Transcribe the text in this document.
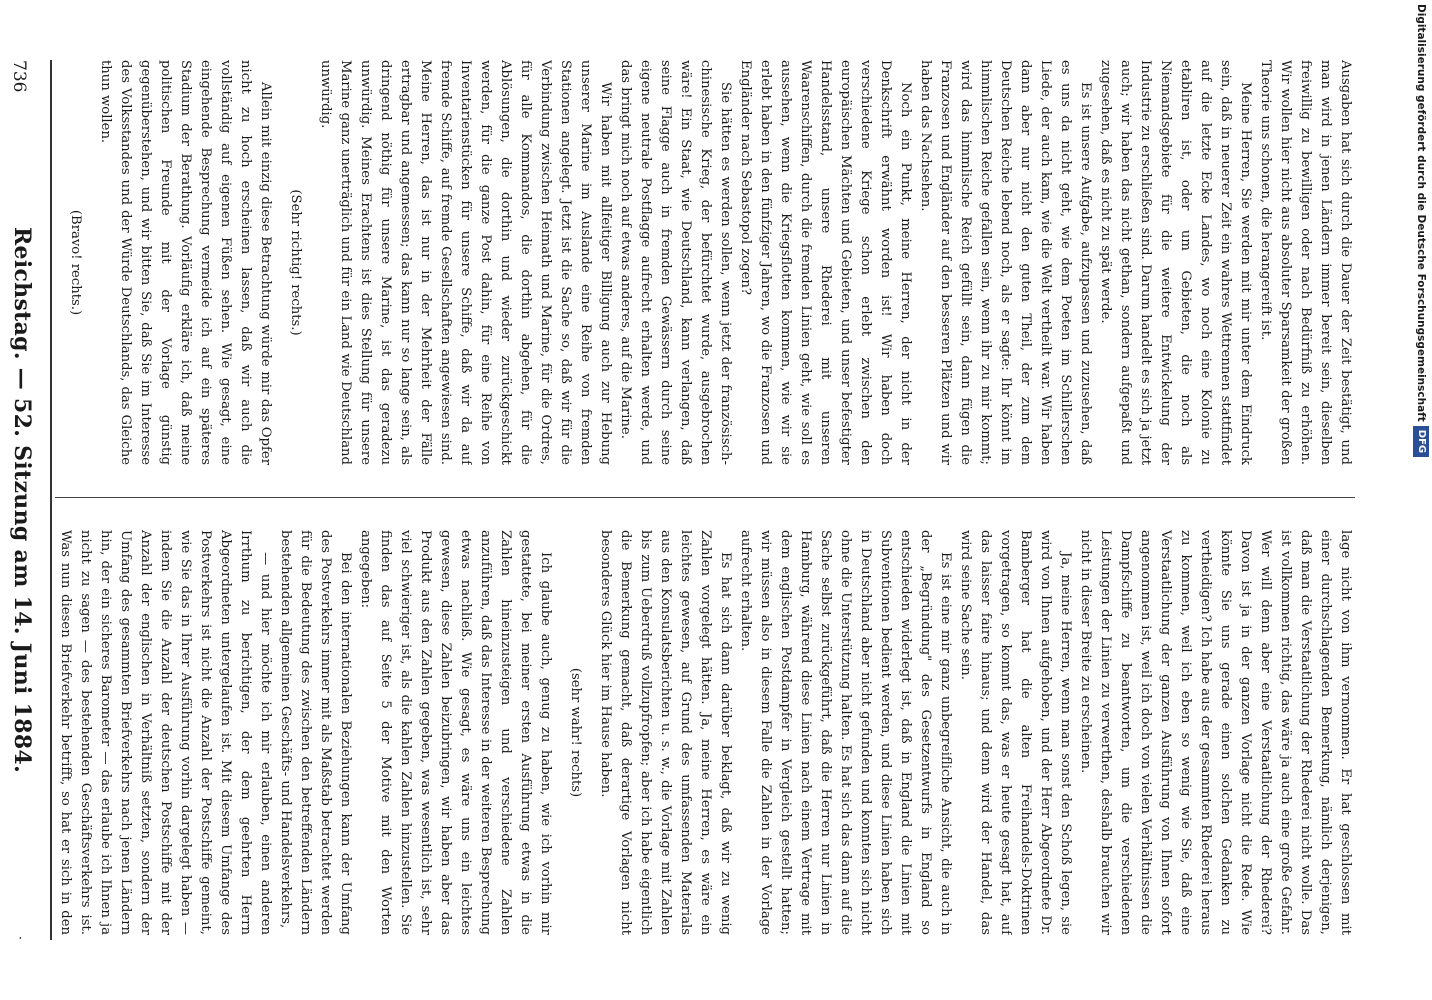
Ausgaben hat sich durch die Dauer der Zeit bestätigt, und man wird in jenen Ländern immer bereit sein, dieselben freiwillig zu bewilligen oder nach Bedürfniß zu erhöhen. Wir wollen hier nicht aus absoluter Sparsamkeit der großen Theorie uns schonen, die herangereift ist.

Meine Herren, Sie werden mit mir unter dem Eindruck sein, daß in neuerer Zeit ein wahres Wettrennen stattfindet auf die letzte Ecke Landes, wo noch eine Kolonie zu etabliren ist, oder um Gebieten, die noch als Niemandsgebiete für die weitere Entwickelung der Industrie zu erschließen sind. Darum handelt es sich ja jetzt auch; wir haben das nicht gethan, sondern aufgepaßt und zugesehen, daß es nicht zu spät werde.

Es ist unsere Aufgabe, aufzupassen und zuzusehen, daß es uns da nicht geht, wie dem Poeten im Schillerschen Liede, der auch kam, wie die Welt vertheilt war. Wir haben dann aber nur nicht den guten Theil, der zum dem Deutschen Reiche lebend noch, als er sagte: Ihr könnt im himmlischen Reiche gefallen sein, wenn ihr zu mir kommt; wird das himmlische Reich gefüllt sein, dann fügen die Franzosen und Engländer auf den besseren Plätzen und wir haben das Nachsehen.

Noch ein Punkt, meine Herren, der nicht in der Denkschrift erwähnt worden ist! Wir haben doch verschiedene Kriege schon erlebt zwischen den europäischen Mächten und Gebieten, und unser befestigter Handelsstand, unsere Rhederei mit unseren Waarenschiffen, durch die fremden Linien geht, wie soll es aussehen, wenn die Kriegsflotten kommen, wie wir sie erlebt haben in den fünfziger Jahren, wo die Franzosen und Engländer nach Sebastopol zogen?

Sie hätten es werden sollen, wenn jetzt der französisch-chinesische Krieg, der befürchtet wurde, ausgebrochen wäre! Ein Staat, wie Deutschland, kann verlangen, daß seine Flagge auch in fremden Gewässern durch seine eigene neutrale Postflagge aufrecht erhalten werde, und das bringt mich noch auf etwas anderes, auf die Marine.

Wir haben mit allfeitiger Billigung auch zur Hebung unserer Marine im Auslande eine Reihe von fremden Stationen angelegt. Jetzt ist die Sache so, daß wir für die Verbindung zwischen Heimath und Marine, für die Ordres, für alle Kommandos, die dorthin abgehen, für die Ablösungen, die dorthin und wieder zurückgeschickt werden, für die ganze Post dahin, für eine Reihe von Inventarienstücken für unsere Schiffe, daß wir da auf fremde Schiffe, auf fremde Gesellschaften angewiesen sind. Meine Herren, das ist nur in der Mehrheit der Fälle ertragbar und angemessen; das kann nur so lange sein, als dringend nöthig für unsere Marine, ist das geradezu unwürdig. Meines Erachtens ist dies Stellung für unsere Marine ganz unerträglich und für ein Land wie Deutschland unwürdig.

(Sehr richtig! rechts.)

Allein mit einzig diese Betrachtung würde mir das Opfer nicht zu hoch erscheinen lassen, daß wir auch die vollständig auf eigenen Füßen sehen. Wie gesagt, eine eingehende Besprechung vermeide ich auf ein späteres Stadium der Berathung. Vorläufig erkläre ich, daß meine politischen Freunde mit der Vorlage günstig gegenüberstehen, und wir bitten Sie, daß Sie im Interesse des Volksstandes und der Würde Deutschlands, das Gleiche thun wollen.

(Bravo! rechts.)

lage nicht von ihm vernommen. Er hat geschlossen mit einer durchschlagenden Bemerkung, nämlich derjenigen, daß man die Verstaatlichung der Rhederei nicht wolle. Das ist vollkommen richtig, das wäre ja auch eine große Gefahr. Wer will denn aber eine Verstaatlichung der Rhederei? Davon ist ja in der ganzen Vorlage nicht die Rede. Wie könnte Sie uns gerade einen solchen Gedanken zu vertheidigen? Ich habe aus der gesammten Rhederei heraus zu kommen, weil ich eben so wenig wie Sie, daß eine Verstaatlichung der ganzen Ausführung von Ihnen sofort angenommen ist, weil ich doch von vielen Verhältnissen die Dampfschiffe zu beantworten, um die verschiedenen Leistungen der Linien zu verwerthen, deshalb brauchen wir nicht in dieser Breite zu erscheinen.

Ja, meine Herren, wenn man sonst den Schoß legen, sie wird von Ihnen aufgehoben, und der Herr Abgeordnete Dr. Bamberger hat die alten Freihandels-Doktrinen vorgetragen, so kommt das, was er heute gesagt hat, auf das laisser faire hinaus; und denn wird der Handel, das wird seine Sache sein.

Es ist eine mir ganz unbegreifliche Ansicht, die auch in der „Begründung" des Gesetzentwurfs in England so entschieden widerlegt ist, daß in England die Linien mit Subventionen bedient werden, und diese Linien haben sich in Deutschland aber nicht gefunden und konnten sich nicht ohne die Unterstützung halten. Es hat sich das dann auf die Sache selbst zurückgeführt, daß die Herren nur Linien in Hamburg, während diese Linien nach einem Vertrage mit dem englischen Postdampfer in Vergleich gestellt hatten; wir müssen also in diesem Falle die Zahlen in der Vorlage aufrecht erhalten.

Es hat sich dann darüber beklagt, daß wir zu wenig Zahlen vorgelegt hätten. Ja, meine Herren, es wäre ein leichtes gewesen, auf Grund des umfassenden Materials aus den Konsulatsberichten u. s. w., die Vorlage mit Zahlen bis zum Ueberdruß vollzupfropfen; aber ich habe eigentlich die Bemerkung gemacht, daß derartige Vorlagen nicht besonderes Glück hier im Hause haben.

(sehr wahr! rechts)

Ich glaube auch, genug zu haben, wie ich vorhin mir gestattete, bei meiner ersten Ausführung etwas in die Zahlen hineinzusteigen und verschiedene Zahlen anzuführen, daß das Interesse in der weiteren Besprechung etwas nachließ. Wie gesagt, es wäre uns ein leichtes gewesen, diese Zahlen beizubringen, wir haben aber das Produkt aus den Zahlen gegeben, was wesentlich ist, sehr viel schwieriger ist, als die kahlen Zahlen hinzustellen. Sie finden das auf Seite 5 der Motive mit den Worten angegeben:

Bei den internationalen Beziehungen kann der Umfang des Postverkehrs immer mit als Maßstab betrachtet werden für die Bedeutung des zwischen den betreffenden Ländern bestehenden allgemeinen Geschäfts- und Handelsverkehrs,

— und hier möchte ich mir erlauben, einen anderen Irrthum zu berichtigen, der dem geehrten Herrn Abgeordneten untergelaufen ist. Mit diesem Umfange des Postverkehrs ist nicht die Anzahl der Postschiffe gemeint, wie Sie das in Ihrer Ausführung vorhin dargelegt haben — indem Sie die Anzahl der deutschen Postschiffe mit der Anzahl der englischen in Verhältniß setzten, sondern der Umfang des gesammten Briefverkehrs nach jenen Ländern hin, der ein sicheres Barometer — das erlaube ich Ihnen ja nicht zu sagen — des bestehenden Geschäftsverkehrs ist. Was nun diesen Briefverkehr betrifft, so hat er sich in den

736
Reichstag. — 52. Sitzung am 14. Juni 1884.
·
Digitalisierung gefördert durch die Deutsche ForschungsgemeinschaftDFG
